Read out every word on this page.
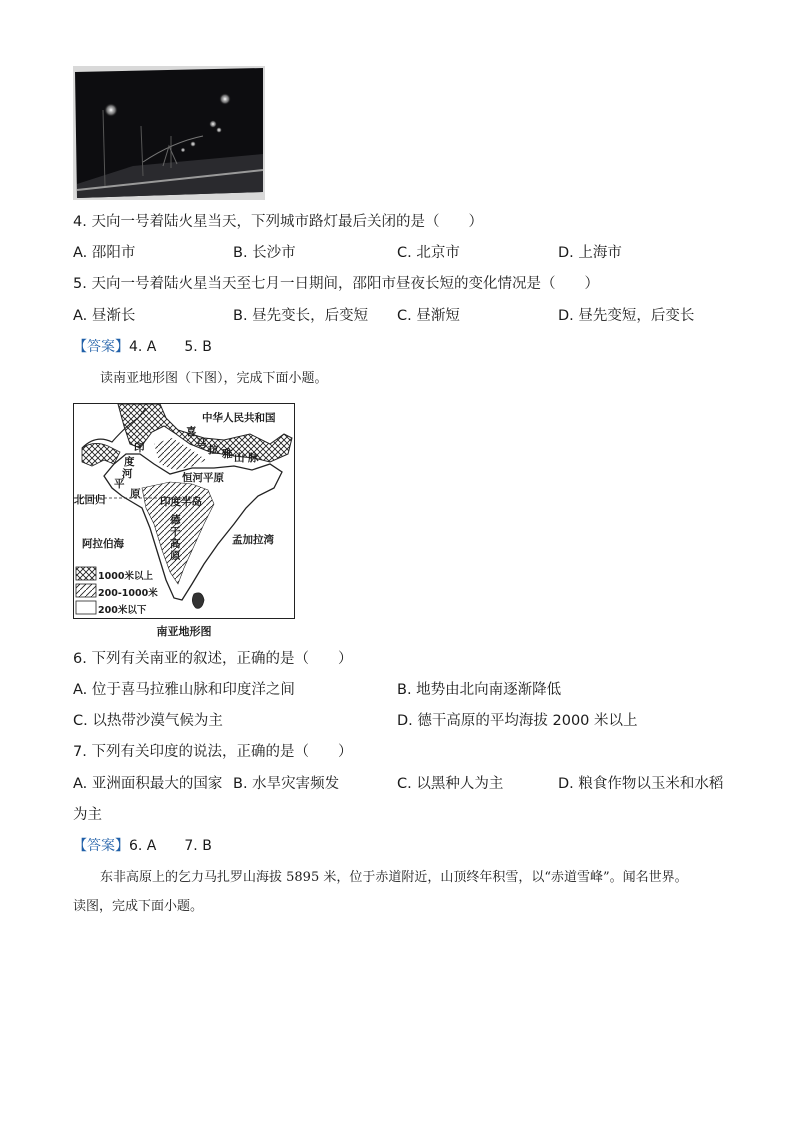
4. 天向一号着陆火星当天，下列城市路灯最后关闭的是（　　）
A. 邵阳市	B. 长沙市	C. 北京市	D. 上海市
5. 天向一号着陆火星当天至七月一日期间，邵阳市昼夜长短的变化情况是（　　）
A. 昼渐长	B. 昼先变长，后变短 C. 昼渐短	D. 昼先变短，后变长
【答案】4. A　　5. B
读南亚地形图（下图），完成下面小题。
中华人民共和国
喜
马 拉 雅 山 脉
印
度
河
平
原
恒河平原
印度半岛
德
干
高
原
北回归
阿拉伯海	孟加拉湾
1000米以上
200-1000米
200米以下
南亚地形图
6. 下列有关南亚的叙述，正确的是（　　）
A. 位于喜马拉雅山脉和印度洋之间	B. 地势由北向南逐渐降低
C. 以热带沙漠气候为主	D. 德干高原的平均海拔 2000 米以上
7. 下列有关印度的说法，正确的是（　　）
A. 亚洲面积最大的国家 B. 水旱灾害频发	C. 以黑种人为主	D. 粮食作物以玉米和水稻
为主
【答案】6. A　　7. B
东非高原上的乞力马扎罗山海拔 5895 米，位于赤道附近，山顶终年积雪，以“赤道雪峰”。闻名世界。
读图，完成下面小题。
